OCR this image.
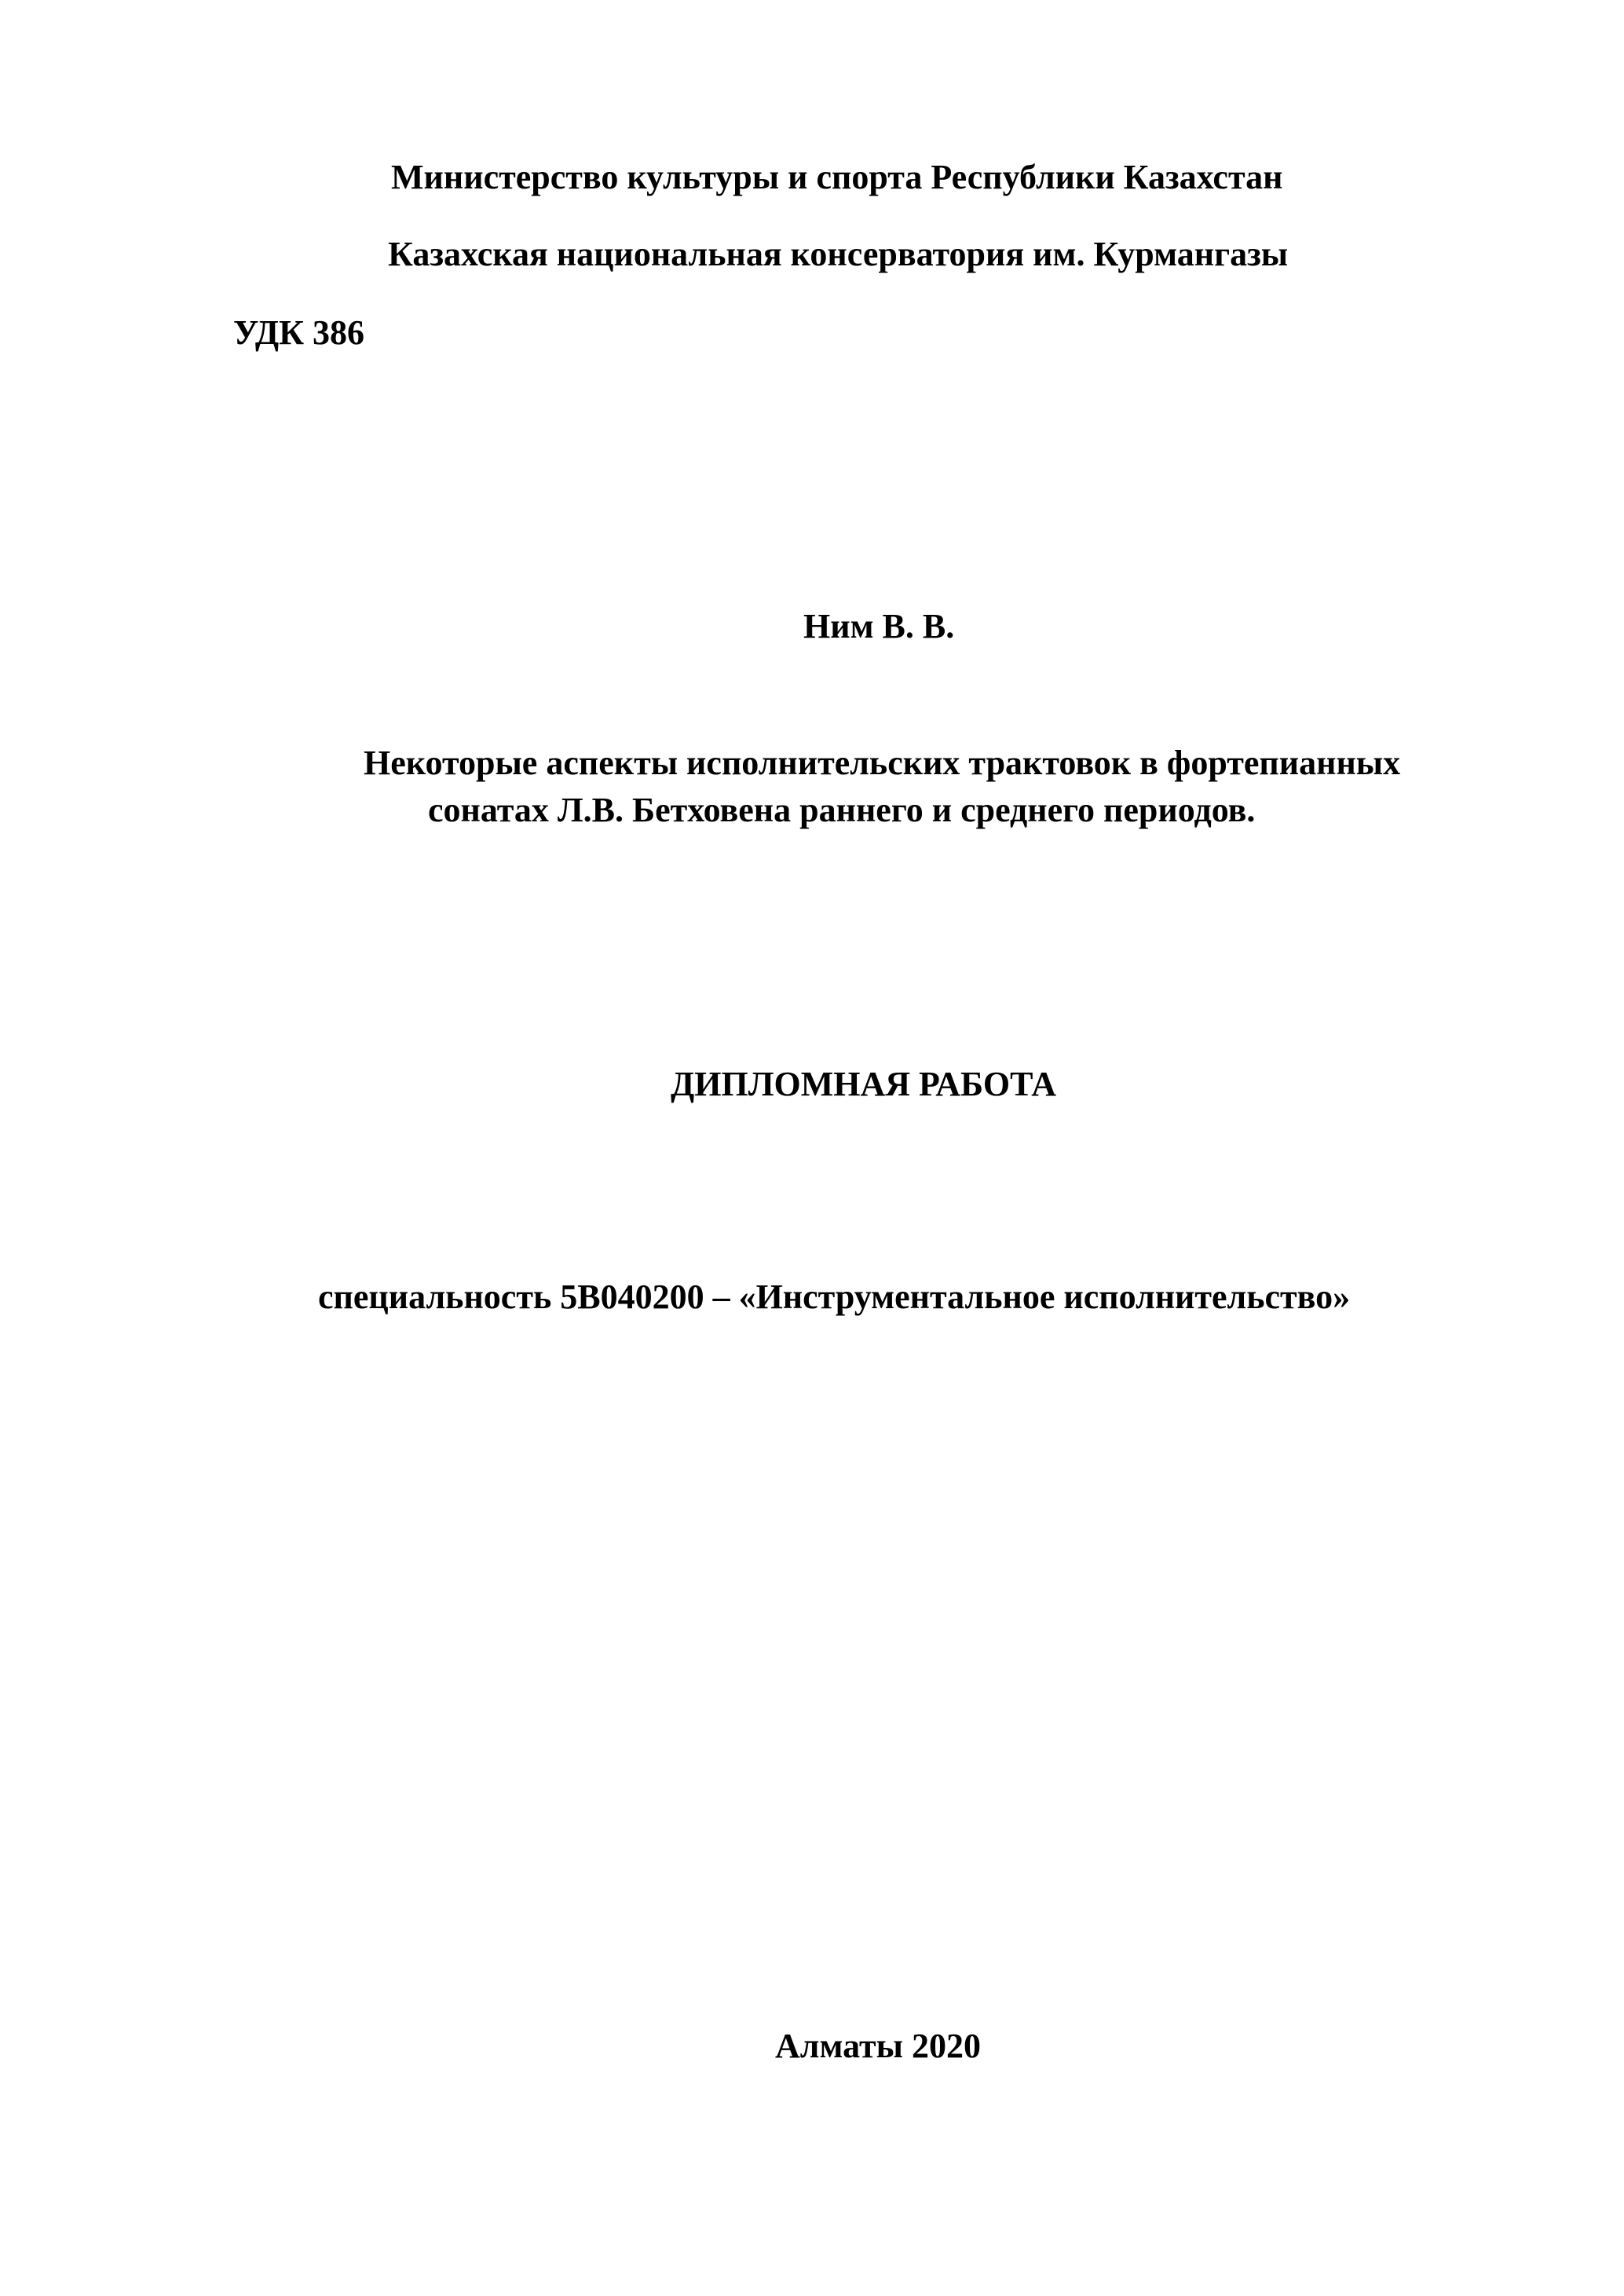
Министерство культуры и спорта Республики Казахстан

Казахская национальная консерватория им. Курмангазы

УДК 386

Ним В. В.

Некоторые аспекты исполнительских трактовок в фортепианных

сонатах Л.В. Бетховена раннего и среднего периодов.

ДИПЛОМНАЯ РАБОТА

специальность 5В040200 – «Инструментальное исполнительство»

Алматы 2020
